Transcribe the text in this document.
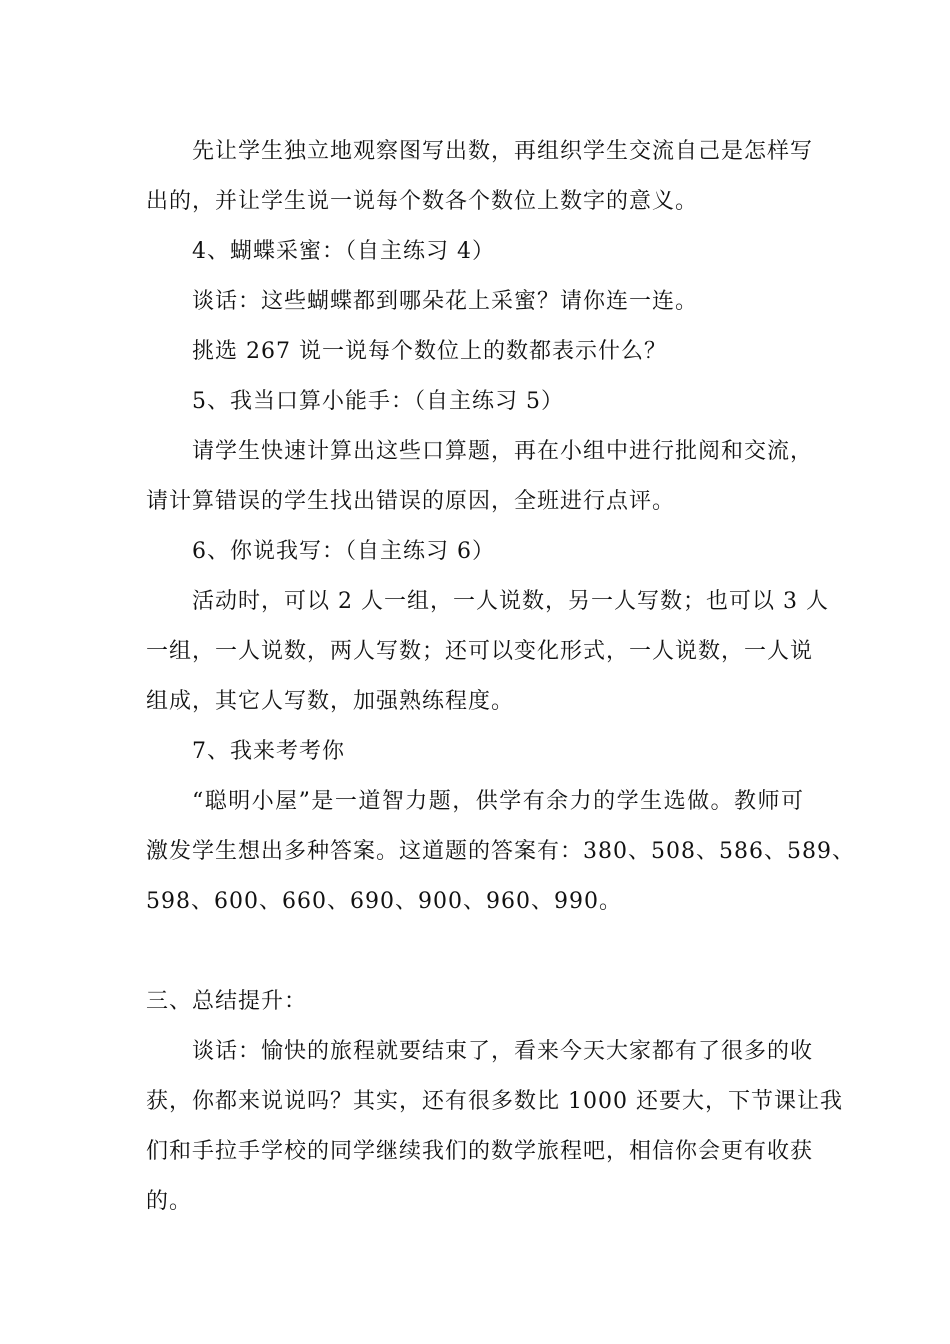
先让学生独立地观察图写出数，再组织学生交流自己是怎样写
出的，并让学生说一说每个数各个数位上数字的意义。
4、蝴蝶采蜜：（自主练习 4）
谈话：这些蝴蝶都到哪朵花上采蜜？请你连一连。
挑选 267 说一说每个数位上的数都表示什么？
5、我当口算小能手：（自主练习 5）
请学生快速计算出这些口算题，再在小组中进行批阅和交流，
请计算错误的学生找出错误的原因，全班进行点评。
6、你说我写：（自主练习 6）
活动时，可以 2 人一组，一人说数，另一人写数；也可以 3 人
一组，一人说数，两人写数；还可以变化形式，一人说数，一人说
组成，其它人写数，加强熟练程度。
7、我来考考你
“聪明小屋”是一道智力题，供学有余力的学生选做。教师可
激发学生想出多种答案。这道题的答案有：380、508、586、589、
598、600、660、690、900、960、990。
三、总结提升：
谈话：愉快的旅程就要结束了，看来今天大家都有了很多的收
获，你都来说说吗？其实，还有很多数比 1000 还要大，下节课让我
们和手拉手学校的同学继续我们的数学旅程吧，相信你会更有收获
的。
